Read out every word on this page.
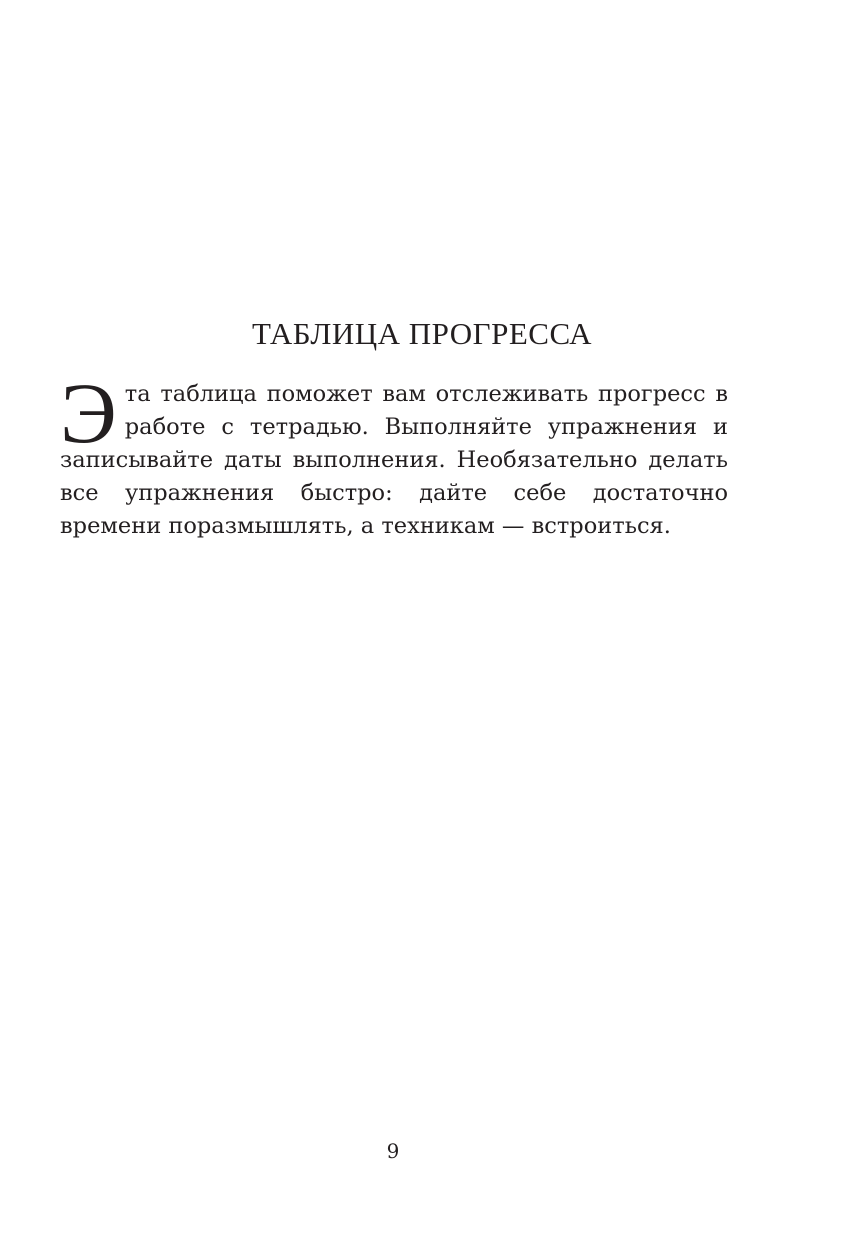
ТАБЛИЦА ПРОГРЕССА

Эта таблица поможет вам отслеживать прогресс в работе с тетрадью. Выполняйте упражнения и записывайте даты выполнения. Необязательно делать все упражнения быстро: дайте себе достаточно времени поразмышлять, а техникам — встроиться.

9
